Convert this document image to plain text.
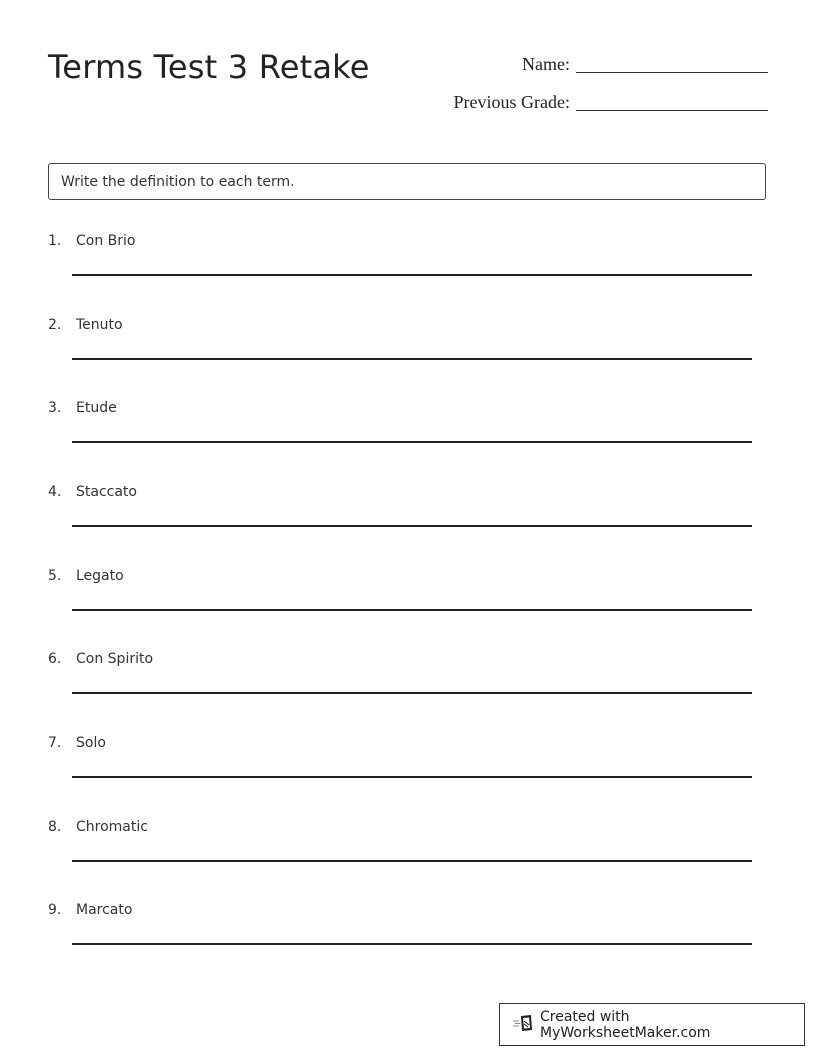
Terms Test 3 Retake	Name:
Previous Grade:
Write the definition to each term.
1. Con Brio
2. Tenuto
3. Etude
4. Staccato
5. Legato
6. Con Spirito
7. Solo
8. Chromatic
9. Marcato
Created with MyWorksheetMaker.com
